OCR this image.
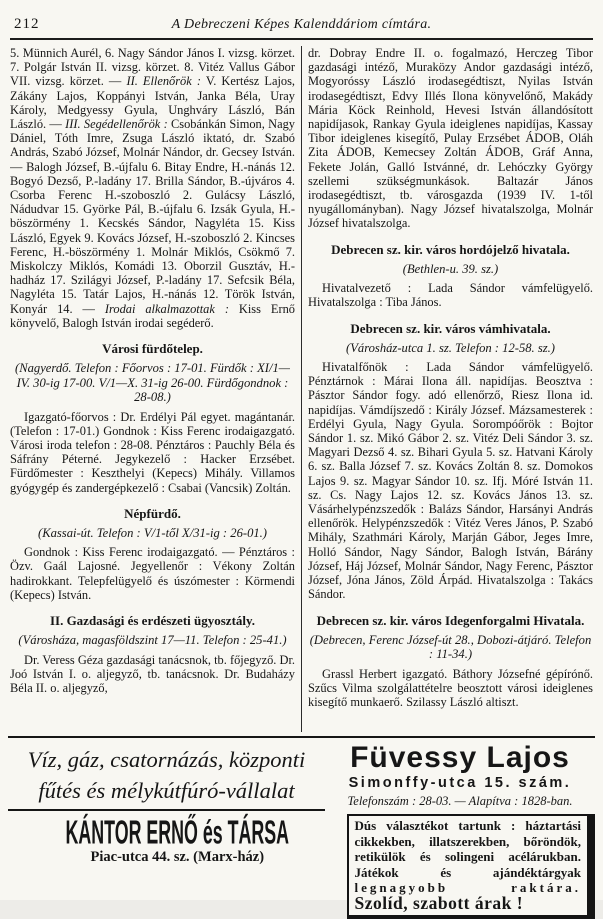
212	A Debreczeni Képes Kalenddáriom címtára.

5. Münnich Aurél, 6. Nagy Sándor János I. vizsg. körzet. 7. Polgár István II. vizsg. körzet. 8. Vitéz Vallus Gábor VII. vizsg. körzet. — II. Ellenőrök : V. Kertész Lajos, Zákány Lajos, Koppányi István, Janka Béla, Uray Károly, Medgyessy Gyula, Unghváry László, Bán László. — III. Segédellenőrök : Csobánkán Simon, Nagy Dániel, Tóth Imre, Zsuga László iktató, dr. Szabó András, Szabó József, Molnár Nándor, dr. Gecsey István. — Balogh József, B.-újfalu 6. Bitay Endre, H.-nánás 12. Bogyó Dezső, P.-ladány 17. Brilla Sándor, B.-újváros 4. Csorba Ferenc H.-szoboszló 2. Gulácsy László, Nádudvar 15. Györke Pál, B.-újfalu 6. Izsák Gyula, H.-böszörmény 1. Kecskés Sándor, Nagyléta 15. Kiss László, Egyek 9. Kovács József, H.-szoboszló 2. Kincses Ferenc, H.-böszörmény 1. Molnár Miklós, Csökmő 7. Miskolczy Miklós, Komádi 13. Oborzil Gusztáv, H.-hadház 17. Szilágyi József, P.-ladány 17. Sefcsik Béla, Nagyléta 15. Tatár Lajos, H.-nánás 12. Török István, Konyár 14. — Irodai alkalmazottak : Kiss Ernő könyvelő, Balogh István irodai segéderő.

Városi fürdőtelep.

(Nagyerdő. Telefon : Főorvos : 17-01. Fürdők : XI/1—IV. 30-ig 17-00. V/1—X. 31-ig 26-00. Fürdőgondnok : 28-08.)

Igazgató-főorvos : Dr. Erdélyi Pál egyet. magántanár. (Telefon : 17-01.) Gondnok : Kiss Ferenc irodaigazgató. Városi iroda telefon : 28-08. Pénztáros : Pauchly Béla és Sáfrány Péterné. Jegykezelő : Hacker Erzsébet. Fürdőmester : Keszthelyi (Kepecs) Mihály. Villamos gyógygép és zandergépkezelő : Csabai (Vancsik) Zoltán.

Népfürdő.

(Kassai-út. Telefon : V/1-től X/31-ig : 26-01.)

Gondnok : Kiss Ferenc irodaigazgató. — Pénztáros : Özv. Gaál Lajosné. Jegyellenőr : Vékony Zoltán hadirokkant. Telepfelügyelő és úszómester : Körmendi (Kepecs) István.

II. Gazdasági és erdészeti ügyosztály.

(Városháza, magasföldszint 17—11. Telefon : 25-41.)

Dr. Veress Géza gazdasági tanácsnok, tb. főjegyző. Dr. Joó István I. o. aljegyző, tb. tanácsnok. Dr. Budaházy Béla II. o. aljegyző,

dr. Dobray Endre II. o. fogalmazó, Herczeg Tibor gazdasági intéző, Muraközy Andor gazdasági intéző, Mogyoróssy László irodasegédtiszt, Nyilas István irodasegédtiszt, Edvy Illés Ilona könyvelőnő, Makády Mária Köck Reinhold, Hevesi István állandósított napidíjasok, Rankay Gyula ideiglenes napidíjas, Kassay Tibor ideiglenes kisegítő, Pulay Erzsébet ÁDOB, Oláh Zita ÁDOB, Kemecsey Zoltán ÁDOB, Gráf Anna, Fekete Jolán, Galló Istvánné, dr. Lehóczky György szellemi szükségmunkások. Baltazár János irodasegédtiszt, tb. városgazda (1939 IV. 1-től nyugállományban). Nagy József hivatalszolga, Molnár József hivatalszolga.

Debrecen sz. kir. város hordójelző hivatala.

(Bethlen-u. 39. sz.)

Hivatalvezető : Lada Sándor vámfelügyelő. Hivatalszolga : Tiba János.

Debrecen sz. kir. város vámhivatala.

(Városház-utca 1. sz. Telefon : 12-58. sz.)

Hivatalfőnök : Lada Sándor vámfelügyelő. Pénztárnok : Márai Ilona áll. napidíjas. Beosztva : Pásztor Sándor fogy. adó ellenőrző, Riesz Ilona id. napidíjas. Vámdíjszedő : Király József. Mázsamesterek : Erdélyi Gyula, Nagy Gyula. Sorompóőrök : Bojtor Sándor 1. sz. Mikó Gábor 2. sz. Vitéz Deli Sándor 3. sz. Magyari Dezső 4. sz. Bihari Gyula 5. sz. Hatvani Károly 6. sz. Balla József 7. sz. Kovács Zoltán 8. sz. Domokos Lajos 9. sz. Magyar Sándor 10. sz. Ifj. Móré István 11. sz. Cs. Nagy Lajos 12. sz. Kovács János 13. sz. Vásárhelypénzszedők : Balázs Sándor, Harsányi András ellenőrök. Helypénzszedők : Vitéz Veres János, P. Szabó Mihály, Szathmári Károly, Marján Gábor, Jeges Imre, Holló Sándor, Nagy Sándor, Balogh István, Bárány József, Háj József, Molnár Sándor, Nagy Ferenc, Pásztor József, Jóna János, Zöld Árpád. Hivatalszolga : Takács Sándor.

Debrecen sz. kir. város Idegenforgalmi Hivatala.

(Debrecen, Ferenc József-út 28., Dobozi-átjáró. Telefon : 11-34.)

Grassl Herbert igazgató. Báthory Józsefné gépírónő. Szűcs Vilma szolgálattételre beosztott városi ideiglenes kisegítő munkaerő. Szilassy László altiszt.

Víz, gáz, csatornázás, központi
fűtés és mélykútfúró-vállalat
Füvessy Lajos
Simonffy-utca 15. szám.
Telefonszám : 28-03. — Alapítva : 1828-ban.
KÁNTOR ERNŐ és TÁRSA
Piac-utca 44. sz. (Marx-ház)
Dús választékot tartunk : háztartási cikkekben, illatszerekben, bőröndök, retikülök és solingeni acélárukban. Játékok és ajándéktárgyak legnagyobb raktára. Szolíd, szabott árak !
